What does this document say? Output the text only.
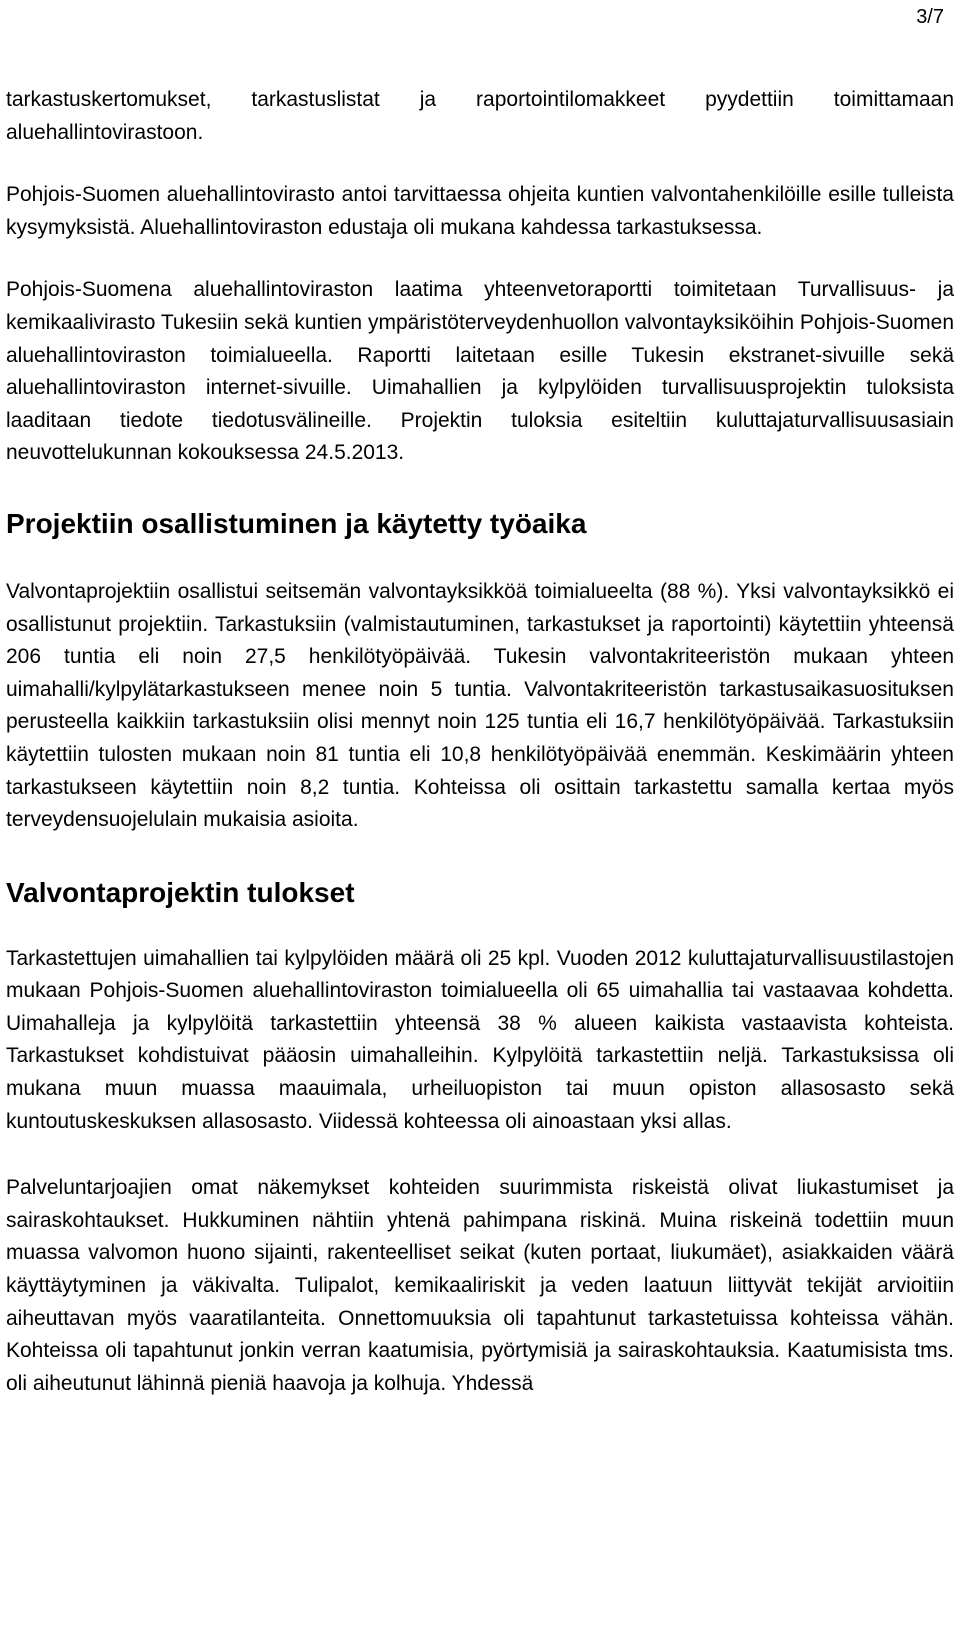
3/7

tarkastuskertomukset, tarkastuslistat ja raportointilomakkeet pyydettiin toimittamaan aluehallintovirastoon.

Pohjois-Suomen aluehallintovirasto antoi tarvittaessa ohjeita kuntien valvontahenkilöille esille tulleista kysymyksistä. Aluehallintoviraston edustaja oli mukana kahdessa tarkastuksessa.

Pohjois-Suomena aluehallintoviraston laatima yhteenvetoraportti toimitetaan Turvallisuus- ja kemikaalivirasto Tukesiin sekä kuntien ympäristöterveydenhuollon valvontayksiköihin Pohjois-Suomen aluehallintoviraston toimialueella. Raportti laitetaan esille Tukesin ekstranet-sivuille sekä aluehallintoviraston internet-sivuille. Uimahallien ja kylpylöiden turvallisuusprojektin tuloksista laaditaan tiedote tiedotusvälineille. Projektin tuloksia esiteltiin kuluttajaturvallisuusasiain neuvottelukunnan kokouksessa 24.5.2013.

Projektiin osallistuminen ja käytetty työaika

Valvontaprojektiin osallistui seitsemän valvontayksikköä toimialueelta (88 %). Yksi valvontayksikkö ei osallistunut projektiin. Tarkastuksiin (valmistautuminen, tarkastukset ja raportointi) käytettiin yhteensä 206 tuntia eli noin 27,5 henkilötyöpäivää. Tukesin valvontakriteeristön mukaan yhteen uimahalli/kylpylätarkastukseen menee noin 5 tuntia. Valvontakriteeristön tarkastusaikasuosituksen perusteella kaikkiin tarkastuksiin olisi mennyt noin 125 tuntia eli 16,7 henkilötyöpäivää. Tarkastuksiin käytettiin tulosten mukaan noin 81 tuntia eli 10,8 henkilötyöpäivää enemmän. Keskimäärin yhteen tarkastukseen käytettiin noin 8,2 tuntia. Kohteissa oli osittain tarkastettu samalla kertaa myös terveydensuojelulain mukaisia asioita.

Valvontaprojektin tulokset

Tarkastettujen uimahallien tai kylpylöiden määrä oli 25 kpl. Vuoden 2012 kuluttajaturvallisuustilastojen mukaan Pohjois-Suomen aluehallintoviraston toimialueella oli 65 uimahallia tai vastaavaa kohdetta. Uimahalleja ja kylpylöitä tarkastettiin yhteensä 38 % alueen kaikista vastaavista kohteista. Tarkastukset kohdistuivat pääosin uimahalleihin. Kylpylöitä tarkastettiin neljä. Tarkastuksissa oli mukana muun muassa maauimala, urheiluopiston tai muun opiston allasosasto sekä kuntoutuskeskuksen allasosasto. Viidessä kohteessa oli ainoastaan yksi allas.

Palveluntarjoajien omat näkemykset kohteiden suurimmista riskeistä olivat liukastumiset ja sairaskohtaukset. Hukkuminen nähtiin yhtenä pahimpana riskinä. Muina riskeinä todettiin muun muassa valvomon huono sijainti, rakenteelliset seikat (kuten portaat, liukumäet), asiakkaiden väärä käyttäytyminen ja väkivalta. Tulipalot, kemikaaliriskit ja veden laatuun liittyvät tekijät arvioitiin aiheuttavan myös vaaratilanteita. Onnettomuuksia oli tapahtunut tarkastetuissa kohteissa vähän. Kohteissa oli tapahtunut jonkin verran kaatumisia, pyörtymisiä ja sairaskohtauksia. Kaatumisista tms. oli aiheutunut lähinnä pieniä haavoja ja kolhuja. Yhdessä
